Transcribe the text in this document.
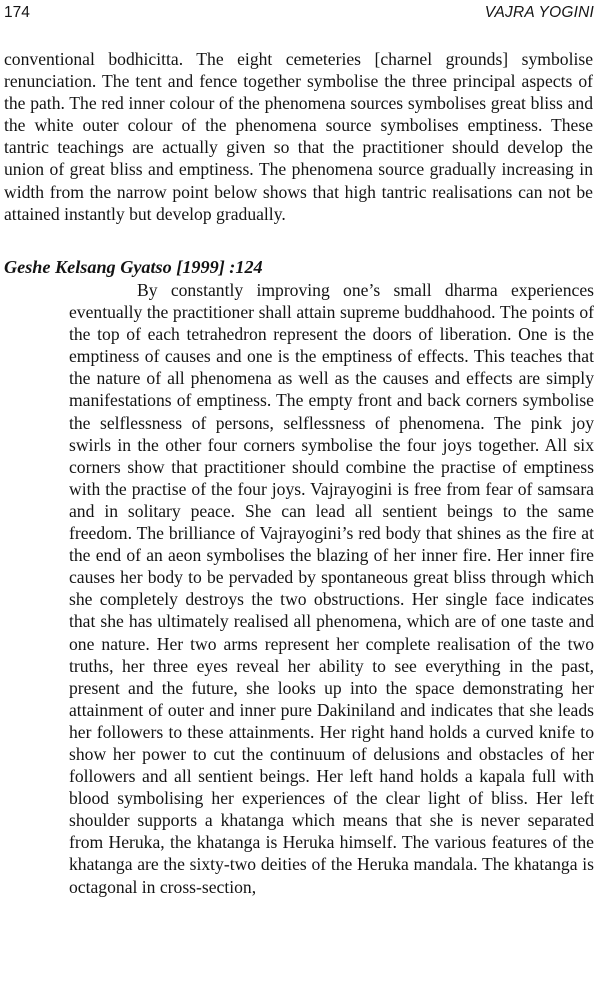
174	VAJRA YOGINI

conventional bodhicitta. The eight cemeteries [charnel grounds] symbolise renunciation. The tent and fence together symbolise the three principal aspects of the path. The red inner colour of the phenomena sources symbolises great bliss and the white outer colour of the phenomena source symbolises emptiness. These tantric teachings are actually given so that the practitioner should develop the union of great bliss and emptiness. The phenomena source gradually increasing in width from the narrow point below shows that high tantric realisations can not be attained instantly but develop gradually.

Geshe Kelsang Gyatso [1999] :124

By constantly improving one’s small dharma experiences eventually the practitioner shall attain supreme buddhahood. The points of the top of each tetrahedron represent the doors of liberation. One is the emptiness of causes and one is the emptiness of effects. This teaches that the nature of all phenomena as well as the causes and effects are simply manifestations of emptiness. The empty front and back corners symbolise the selflessness of persons, selflessness of phenomena. The pink joy swirls in the other four corners symbolise the four joys together. All six corners show that practitioner should combine the practise of emptiness with the practise of the four joys. Vajrayogini is free from fear of samsara and in solitary peace. She can lead all sentient beings to the same freedom. The brilliance of Vajrayogini’s red body that shines as the fire at the end of an aeon symbolises the blazing of her inner fire. Her inner fire causes her body to be pervaded by spontaneous great bliss through which she completely destroys the two obstructions. Her single face indicates that she has ultimately realised all phenomena, which are of one taste and one nature. Her two arms represent her complete realisation of the two truths, her three eyes reveal her ability to see everything in the past, present and the future, she looks up into the space demonstrating her attainment of outer and inner pure Dakiniland and indicates that she leads her followers to these attainments. Her right hand holds a curved knife to show her power to cut the continuum of delusions and obstacles of her followers and all sentient beings. Her left hand holds a kapala full with blood symbolising her experiences of the clear light of bliss. Her left shoulder supports a khatanga which means that she is never separated from Heruka, the khatanga is Heruka himself. The various features of the khatanga are the sixty-two deities of the Heruka mandala. The khatanga is octagonal in cross-section,
